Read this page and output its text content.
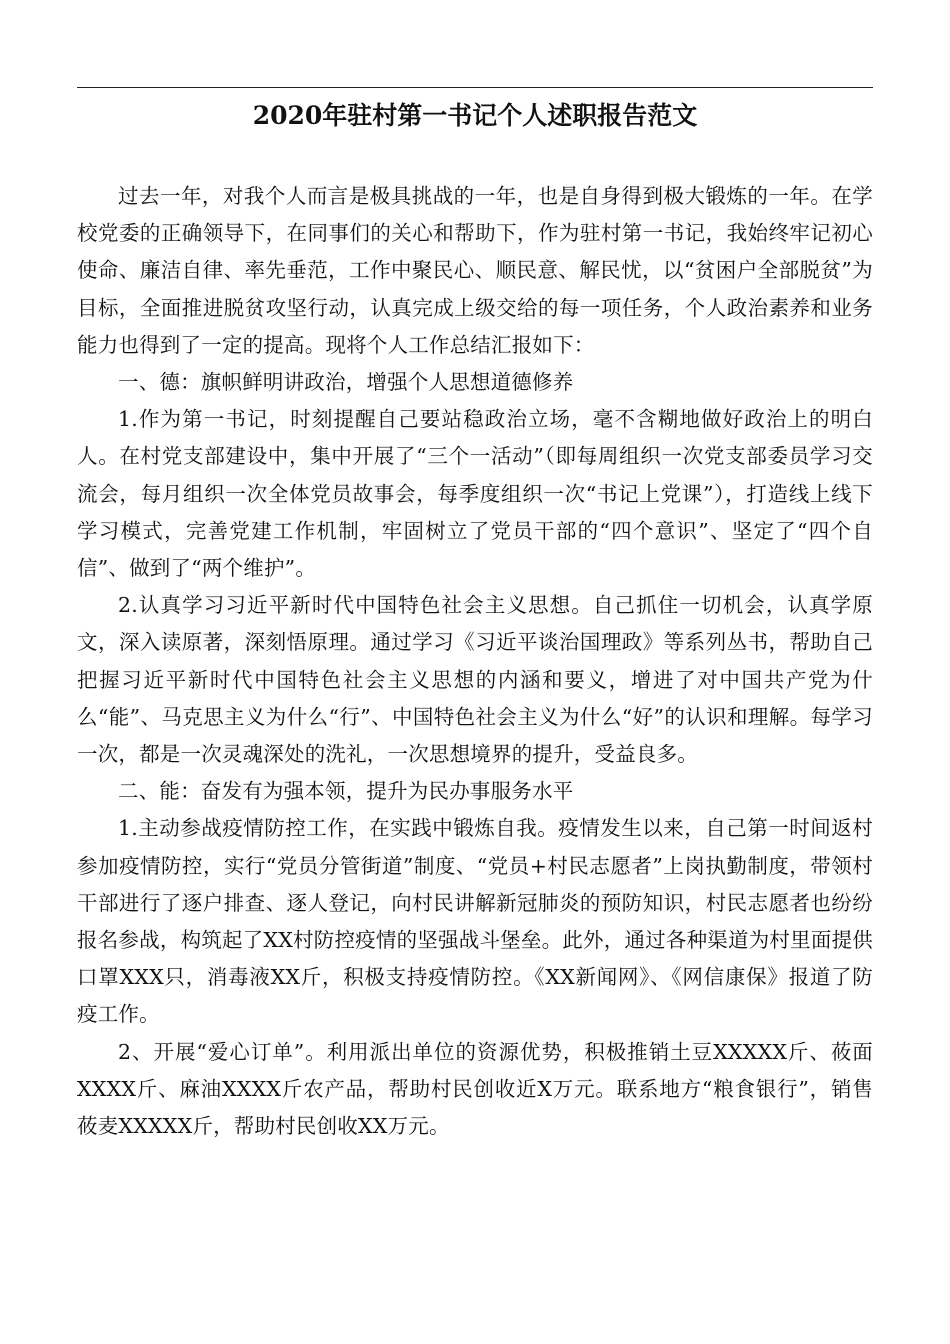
2020年驻村第一书记个人述职报告范文

过去一年，对我个人而言是极具挑战的一年，也是自身得到极大锻炼的一年。在学校党委的正确领导下，在同事们的关心和帮助下，作为驻村第一书记，我始终牢记初心使命、廉洁自律、率先垂范，工作中聚民心、顺民意、解民忧，以“贫困户全部脱贫”为目标，全面推进脱贫攻坚行动，认真完成上级交给的每一项任务，个人政治素养和业务能力也得到了一定的提高。现将个人工作总结汇报如下：

一、德：旗帜鲜明讲政治，增强个人思想道德修养

1.作为第一书记，时刻提醒自己要站稳政治立场，毫不含糊地做好政治上的明白人。在村党支部建设中，集中开展了“三个一活动”（即每周组织一次党支部委员学习交流会，每月组织一次全体党员故事会，每季度组织一次“书记上党课”），打造线上线下学习模式，完善党建工作机制，牢固树立了党员干部的“四个意识”、坚定了“四个自信”、做到了“两个维护”。

2.认真学习习近平新时代中国特色社会主义思想。自己抓住一切机会，认真学原文，深入读原著，深刻悟原理。通过学习《习近平谈治国理政》等系列丛书，帮助自己把握习近平新时代中国特色社会主义思想的内涵和要义，增进了对中国共产党为什么“能”、马克思主义为什么“行”、中国特色社会主义为什么“好”的认识和理解。每学习一次，都是一次灵魂深处的洗礼，一次思想境界的提升，受益良多。

二、能：奋发有为强本领，提升为民办事服务水平

1.主动参战疫情防控工作，在实践中锻炼自我。疫情发生以来，自己第一时间返村参加疫情防控，实行“党员分管街道”制度、“党员+村民志愿者”上岗执勤制度，带领村干部进行了逐户排查、逐人登记，向村民讲解新冠肺炎的预防知识，村民志愿者也纷纷报名参战，构筑起了XX村防控疫情的坚强战斗堡垒。此外，通过各种渠道为村里面提供口罩XXX只，消毒液XX斤，积极支持疫情防控。《XX新闻网》、《网信康保》报道了防疫工作。

2、开展“爱心订单”。利用派出单位的资源优势，积极推销土豆XXXXX斤、莜面XXXX斤、麻油XXXX斤农产品，帮助村民创收近X万元。联系地方“粮食银行”，销售莜麦XXXXX斤，帮助村民创收XX万元。
